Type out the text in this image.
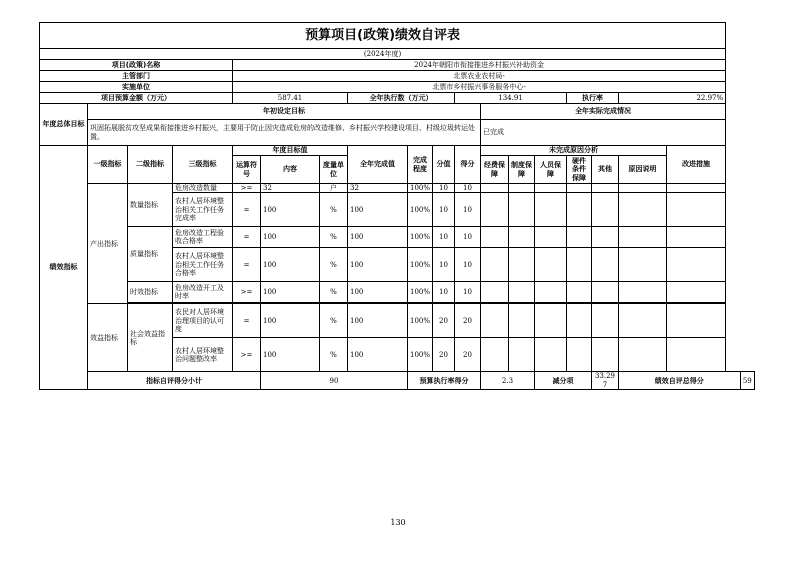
预算项目(政策)绩效自评表																		
(2024年度)																		
项目(政策)名称				2024年朝阳市衔接推进乡村振兴补助资金														
主管部门				北票农业农村局-														
实施单位				北票市乡村振兴事务服务中心-														
项目预算金额（万元）				587.41			全年执行数（万元）			134.91				执行率		22.97%		
年度总体目标	年初设定目标										全年实际完成情况							
	巩固拓展脱贫攻坚成果衔接推进乡村振兴，主要用于防止因灾造成危房的改造维修、乡村振兴学校建设项目、村级垃圾转运处置。										已完成							
绩效指标	一级指标	二级指标	三级指标	年度目标值			全年完成值	完成程度	分值	得分	未完成原因分析						改进措施	
				运算符号	内容	度量单位					经费保障	制度保障	人员保障	硬件条件保障	其他	原因说明		
	产出指标	数量指标	危房改造数量	>=	32	户	32	100%	10	10								
			农村人居环境整治相关工作任务完成率	=	100	%	100	100%	10	10								
		质量指标	危房改造工程验收合格率	=	100	%	100	100%	10	10								
			农村人居环境整治相关工作任务合格率	=	100	%	100	100%	10	10								
		时效指标	危房改造开工及时率	>=	100	%	100	100%	10	10								

	效益指标	社会效益指标	农民对人居环境治理项目的认可度	=	100	%	100	100%	20	20								
			农村人居环境整治问题整改率	>=	100	%	100	100%	20	20								
	指标自评得分小计				90			预算执行率得分			2.3		减分项		33.297	绩效自评总得分		59
130
